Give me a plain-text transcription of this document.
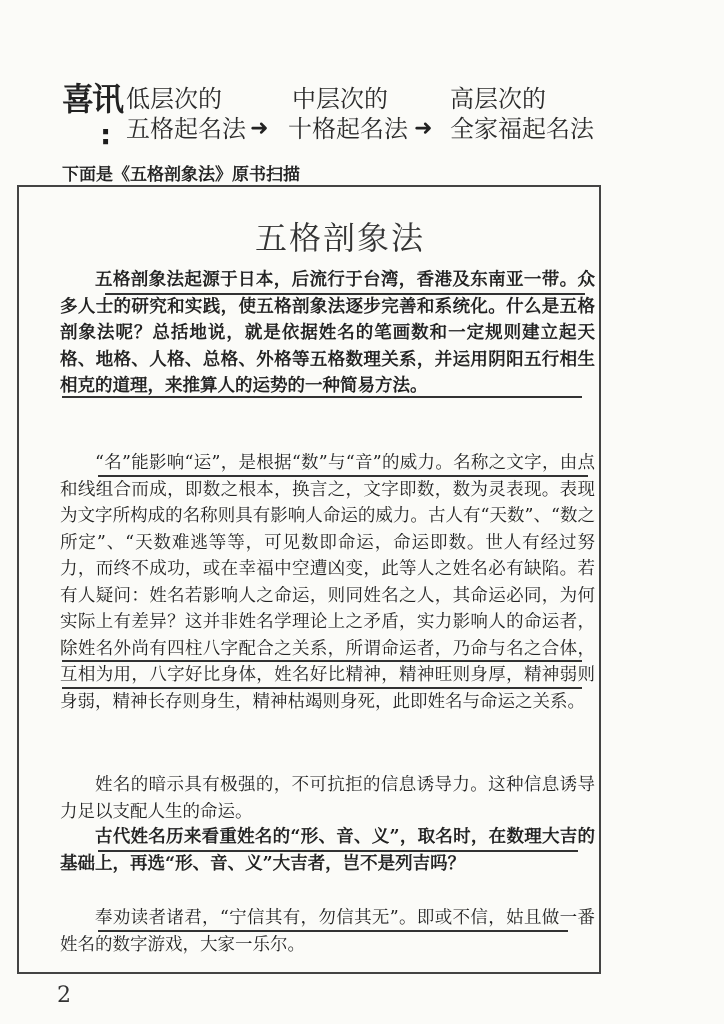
喜讯
:
低层次的
五格起名法 ➜
中层次的
十格起名法 ➜
高层次的
全家福起名法
下面是《五格剖象法》原书扫描
五格剖象法
五格剖象法起源于日本，后流行于台湾，香港及东南亚一带。众多人士的研究和实践，使五格剖象法逐步完善和系统化。什么是五格剖象法呢？总括地说，就是依据姓名的笔画数和一定规则建立起天格、地格、人格、总格、外格等五格数理关系，并运用阴阳五行相生相克的道理，来推算人的运势的一种简易方法。
“名”能影响“运”，是根据“数”与“音”的威力。名称之文字，由点和线组合而成，即数之根本，换言之，文字即数，数为灵表现。表现为文字所构成的名称则具有影响人命运的威力。古人有“天数”、“数之所定”、“天数难逃等等，可见数即命运，命运即数。世人有经过努力，而终不成功，或在幸福中空遭凶变，此等人之姓名必有缺陷。若有人疑问：姓名若影响人之命运，则同姓名之人，其命运必同，为何实际上有差异？这并非姓名学理论上之矛盾，实力影响人的命运者，除姓名外尚有四柱八字配合之关系，所谓命运者，乃命与名之合体，互相为用，八字好比身体，姓名好比精神，精神旺则身厚，精神弱则身弱，精神长存则身生，精神枯竭则身死，此即姓名与命运之关系。
姓名的暗示具有极强的，不可抗拒的信息诱导力。这种信息诱导力足以支配人生的命运。
古代姓名历来看重姓名的“形、音、义”，取名时，在数理大吉的基础上，再选“形、音、义”大吉者，岂不是列吉吗？
奉劝读者诸君，“宁信其有，勿信其无”。即或不信，姑且做一番姓名的数字游戏，大家一乐尔。
2
